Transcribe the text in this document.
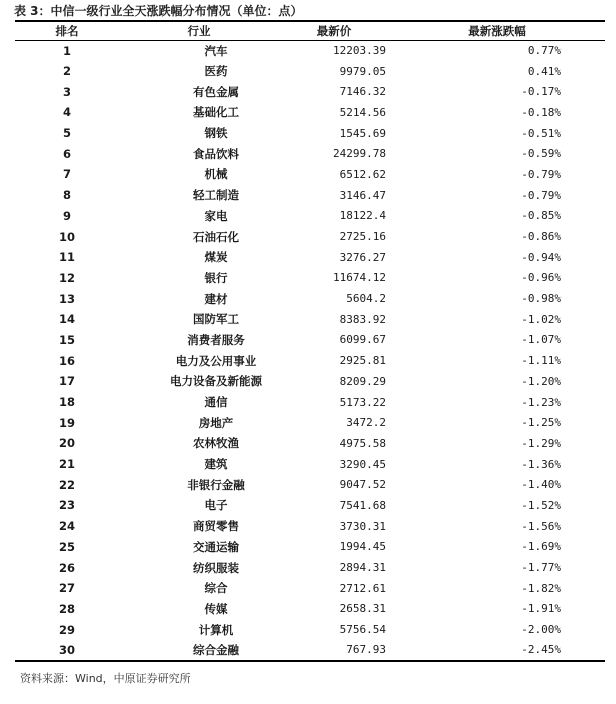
表 3：中信一级行业全天涨跌幅分布情况（单位：点）
排名	行业	最新价	最新涨跌幅
1	汽车	12203.39	0.77%
2	医药	9979.05	0.41%
3	有色金属	7146.32	-0.17%
4	基础化工	5214.56	-0.18%
5	钢铁	1545.69	-0.51%
6	食品饮料	24299.78	-0.59%
7	机械	6512.62	-0.79%
8	轻工制造	3146.47	-0.79%
9	家电	18122.4	-0.85%
10	石油石化	2725.16	-0.86%
11	煤炭	3276.27	-0.94%
12	银行	11674.12	-0.96%
13	建材	5604.2	-0.98%
14	国防军工	8383.92	-1.02%
15	消费者服务	6099.67	-1.07%
16	电力及公用事业	2925.81	-1.11%
17	电力设备及新能源	8209.29	-1.20%
18	通信	5173.22	-1.23%
19	房地产	3472.2	-1.25%
20	农林牧渔	4975.58	-1.29%
21	建筑	3290.45	-1.36%
22	非银行金融	9047.52	-1.40%
23	电子	7541.68	-1.52%
24	商贸零售	3730.31	-1.56%
25	交通运输	1994.45	-1.69%
26	纺织服装	2894.31	-1.77%
27	综合	2712.61	-1.82%
28	传媒	2658.31	-1.91%
29	计算机	5756.54	-2.00%
30	综合金融	767.93	-2.45%
资料来源：Wind，中原证券研究所
